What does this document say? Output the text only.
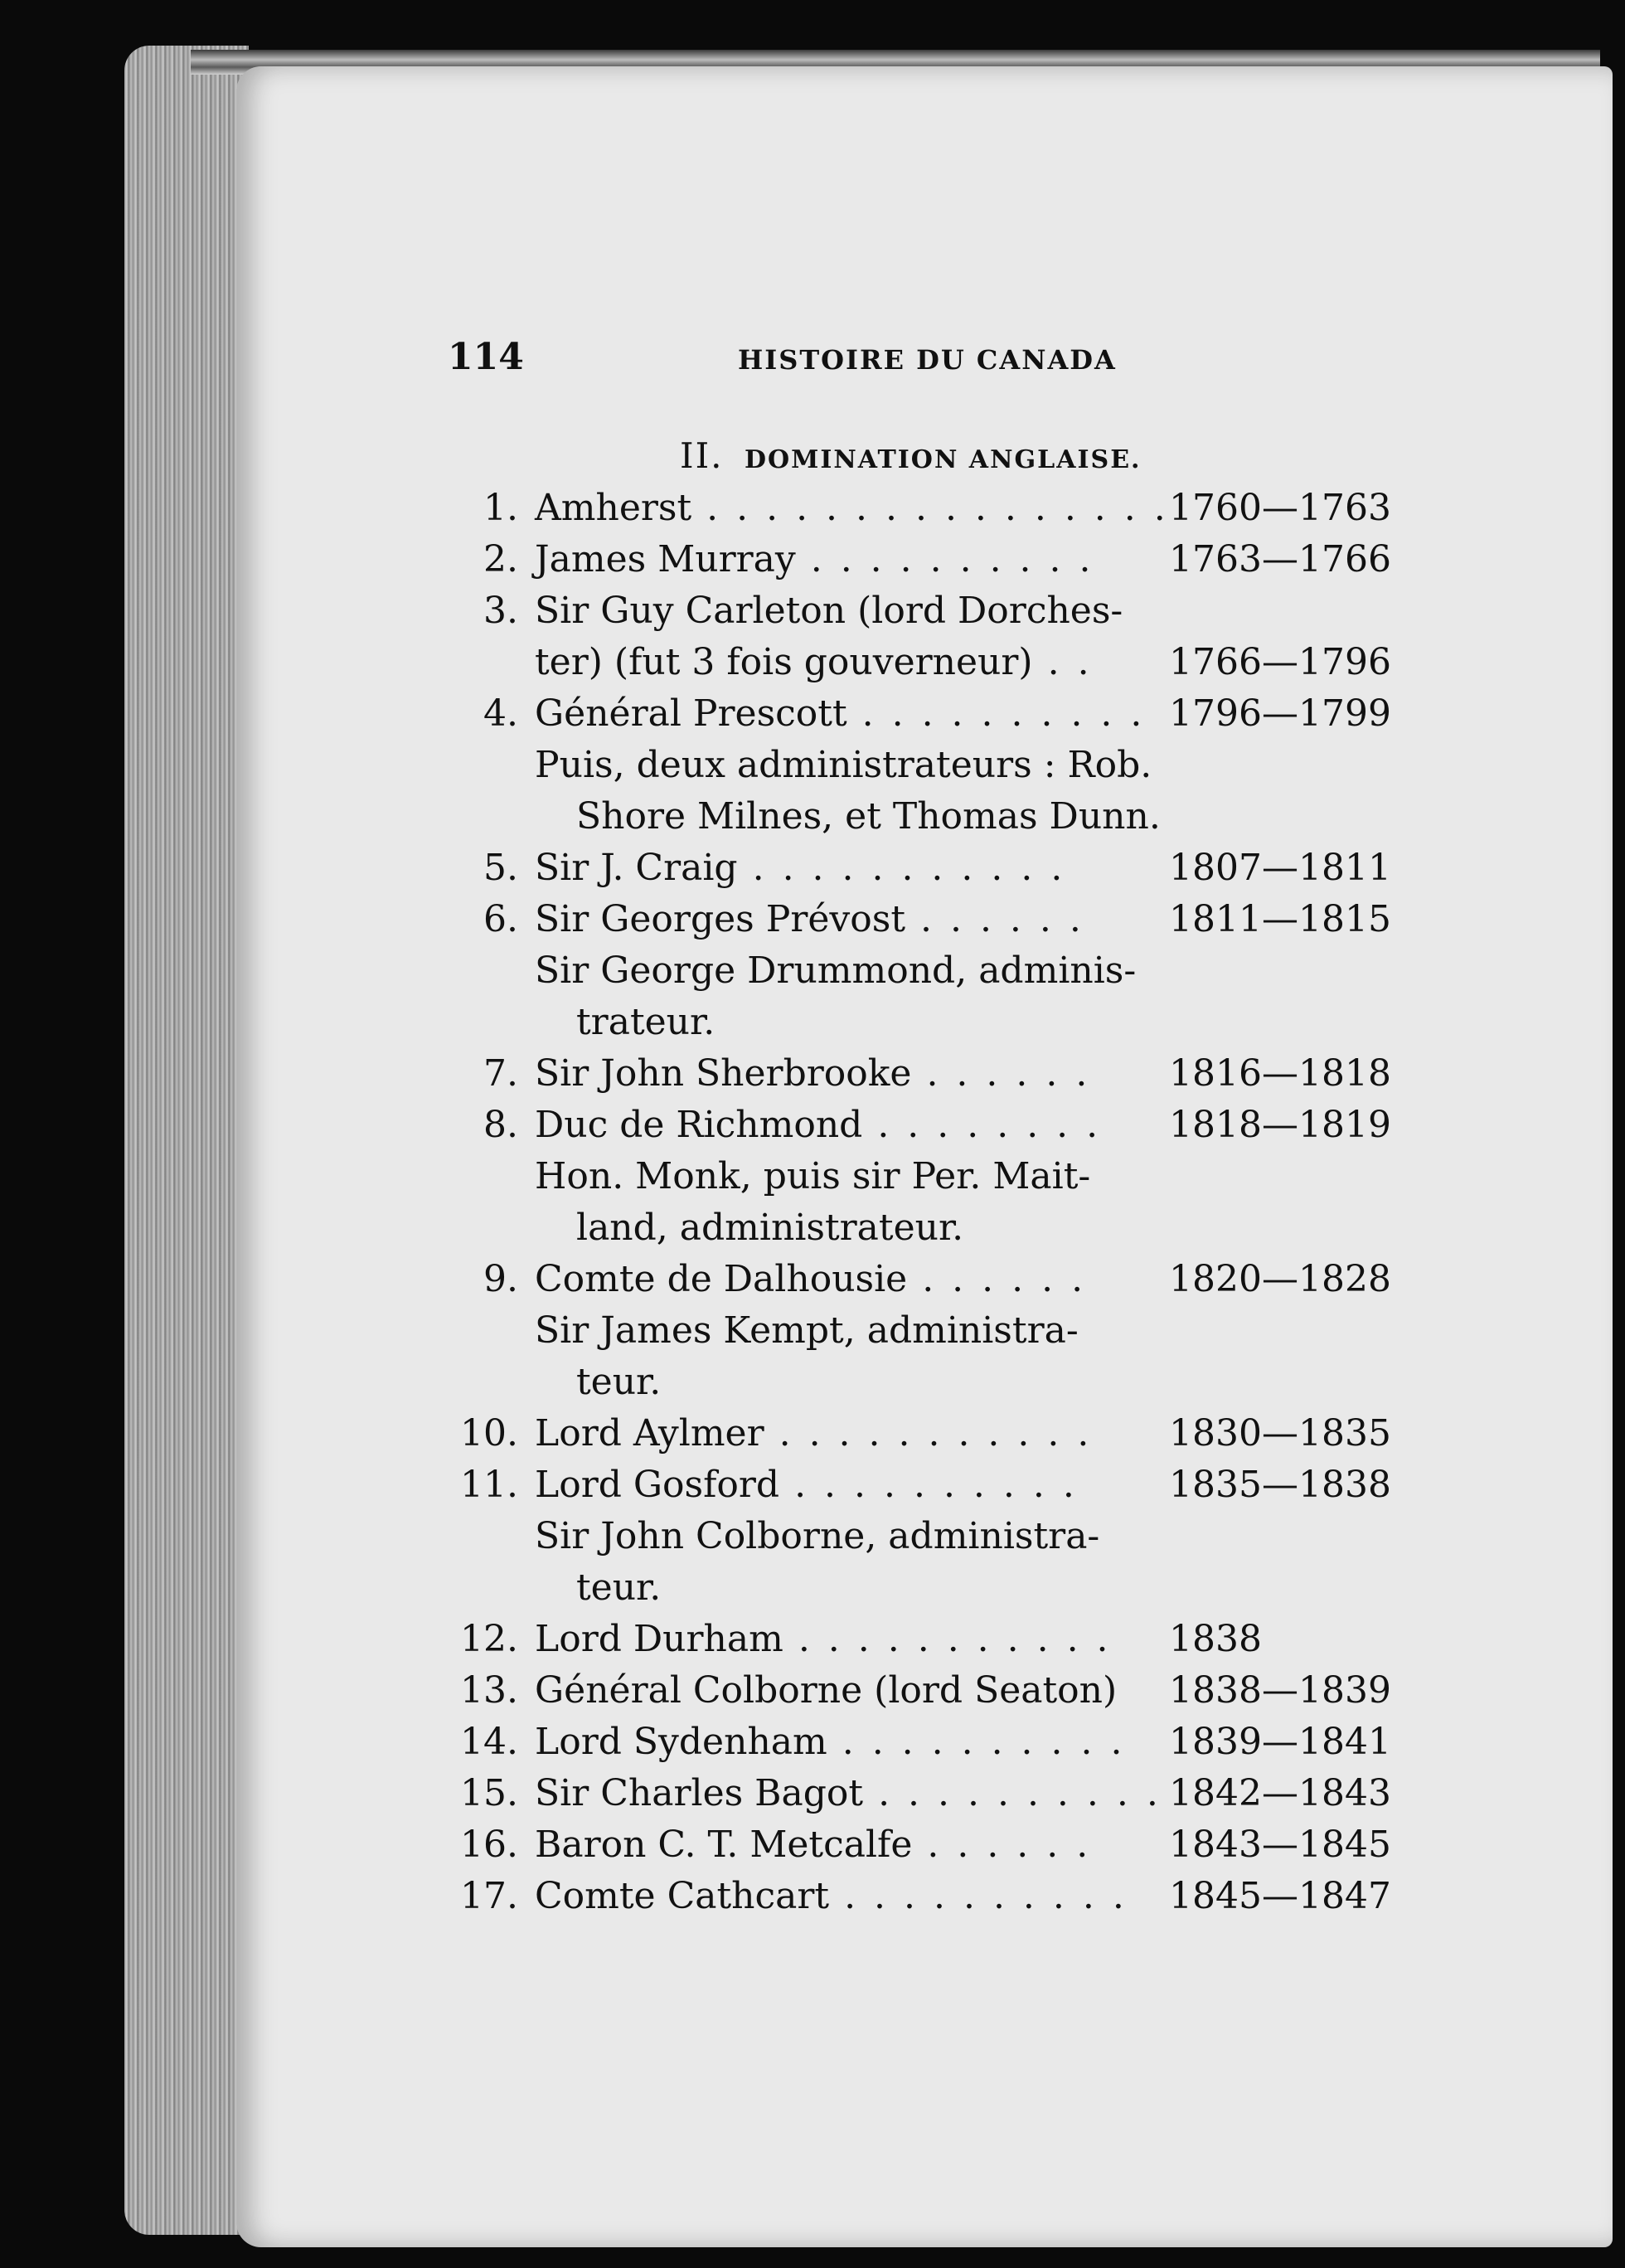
114	HISTOIRE DU CANADA
II. DOMINATION ANGLAISE.
1. Amherst . . . . . . . . . . . . . . . . 1760—1763
2. James Murray . . . . . . . . . . 1763—1766
3. Sir Guy Carleton (lord Dorches-
ter) (fut 3 fois gouverneur) . . 1766—1796
4. Général Prescott . . . . . . . . . . 1796—1799
Puis, deux administrateurs : Rob.
Shore Milnes, et Thomas Dunn.
5. Sir J. Craig . . . . . . . . . . .	1807—1811
6. Sir Georges Prévost . . . . . . 1811—1815
Sir George Drummond, adminis-
trateur.
7. Sir John Sherbrooke . . . . . . 1816—1818
8. Duc de Richmond . . . . . . . . 1818—1819
Hon. Monk, puis sir Per. Mait-
land, administrateur.
9. Comte de Dalhousie . . . . . . 1820—1828
Sir James Kempt, administra-
teur.
10. Lord Aylmer . . . . . . . . . . . 1830—1835
11. Lord Gosford . . . . . . . . . .	1835—1838
Sir John Colborne, administra-
teur.
12. Lord Durham . . . . . . . . . . . 1838
13. Général Colborne (lord Seaton) 1838—1839
14. Lord Sydenham . . . . . . . . . . 1839—1841
15. Sir Charles Bagot . . . . . . . . . . 1842—1843
16. Baron C. T. Metcalfe . . . . . . 1843—1845
17. Comte Cathcart . . . . . . . . . . 1845—1847
